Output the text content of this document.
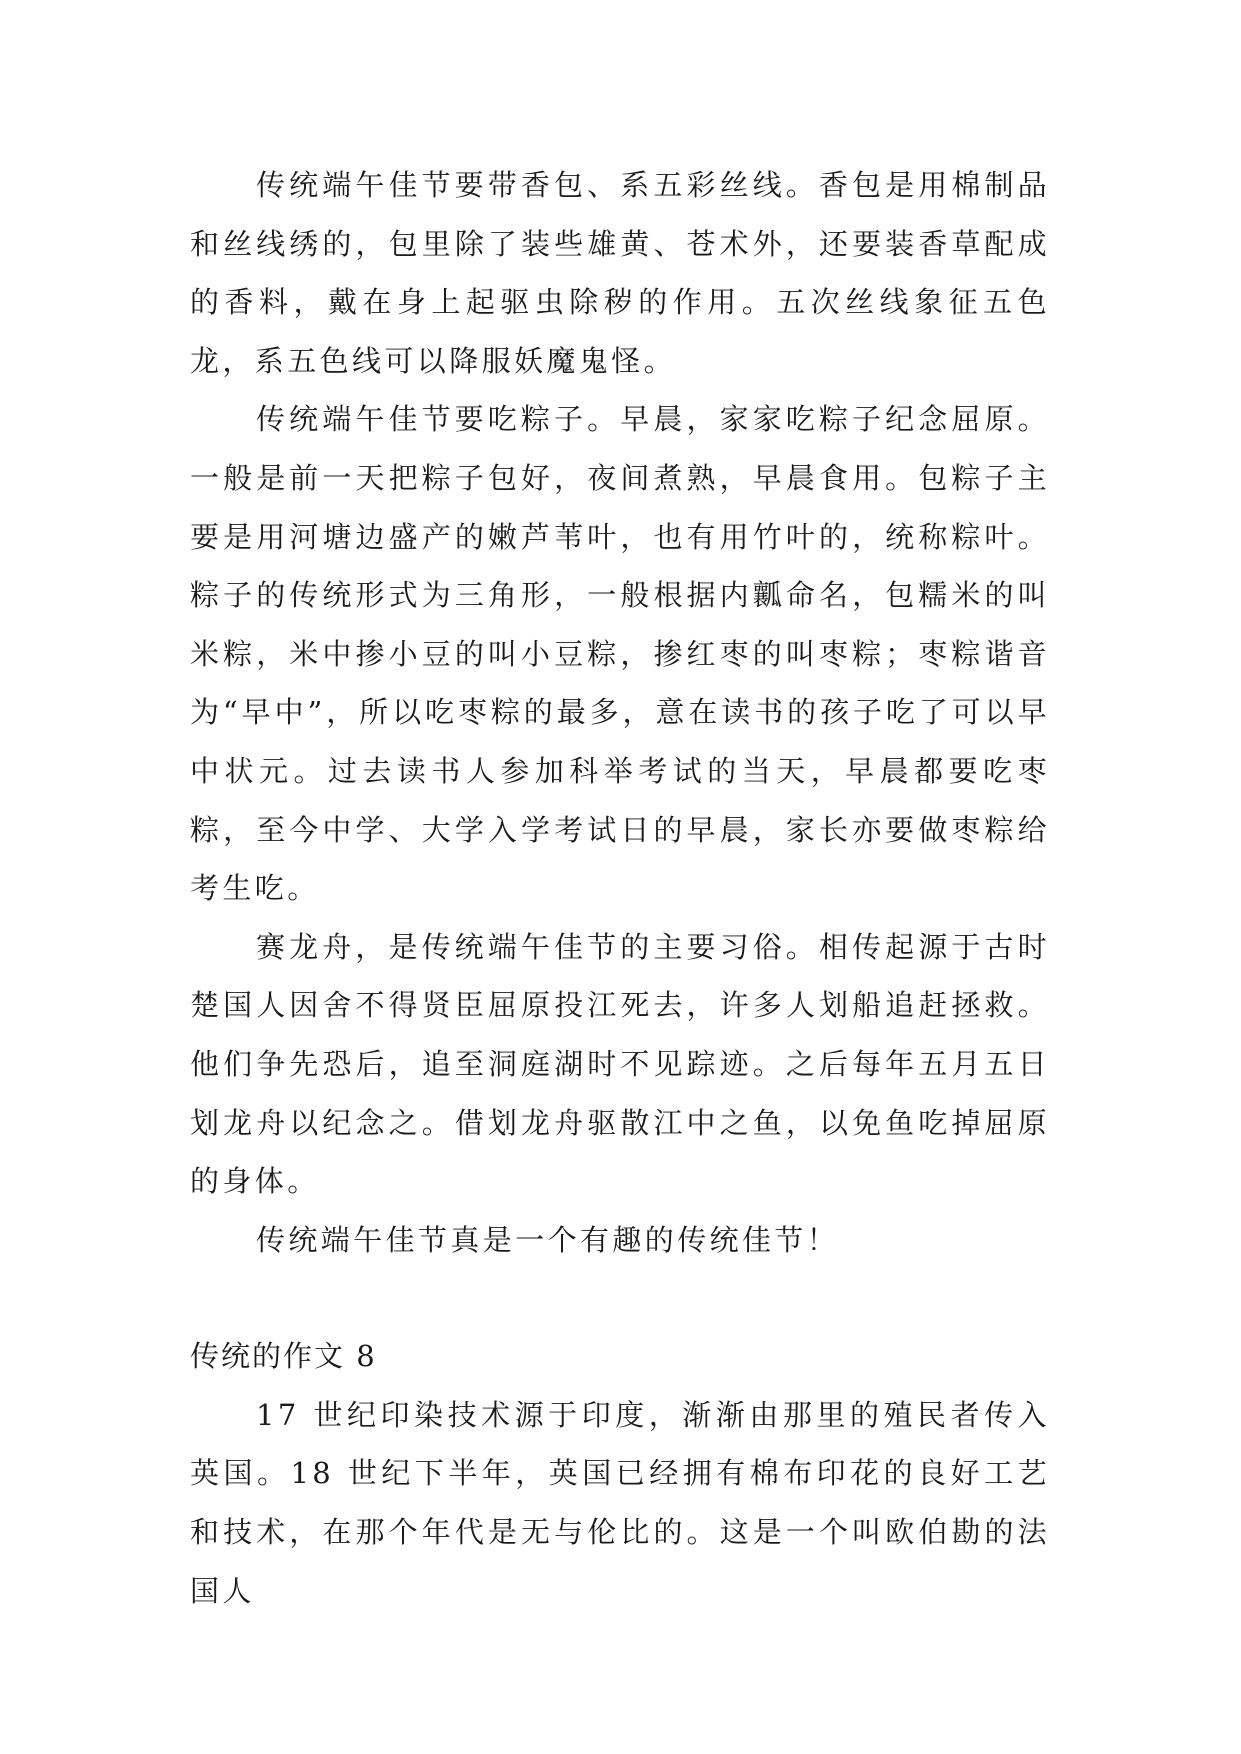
传统端午佳节要带香包、系五彩丝线。香包是用棉制品和丝线绣的，包里除了装些雄黄、苍术外，还要装香草配成的香料，戴在身上起驱虫除秽的作用。五次丝线象征五色龙，系五色线可以降服妖魔鬼怪。

传统端午佳节要吃粽子。早晨，家家吃粽子纪念屈原。一般是前一天把粽子包好，夜间煮熟，早晨食用。包粽子主要是用河塘边盛产的嫩芦苇叶，也有用竹叶的，统称粽叶。粽子的传统形式为三角形，一般根据内瓤命名，包糯米的叫米粽，米中掺小豆的叫小豆粽，掺红枣的叫枣粽；枣粽谐音为“早中”，所以吃枣粽的最多，意在读书的孩子吃了可以早中状元。过去读书人参加科举考试的当天，早晨都要吃枣粽，至今中学、大学入学考试日的早晨，家长亦要做枣粽给考生吃。

赛龙舟，是传统端午佳节的主要习俗。相传起源于古时楚国人因舍不得贤臣屈原投江死去，许多人划船追赶拯救。他们争先恐后，追至洞庭湖时不见踪迹。之后每年五月五日划龙舟以纪念之。借划龙舟驱散江中之鱼，以免鱼吃掉屈原的身体。

传统端午佳节真是一个有趣的传统佳节！

传统的作文 8

17 世纪印染技术源于印度，渐渐由那里的殖民者传入英国。18 世纪下半年，英国已经拥有棉布印花的良好工艺和技术，在那个年代是无与伦比的。这是一个叫欧伯勘的法国人
